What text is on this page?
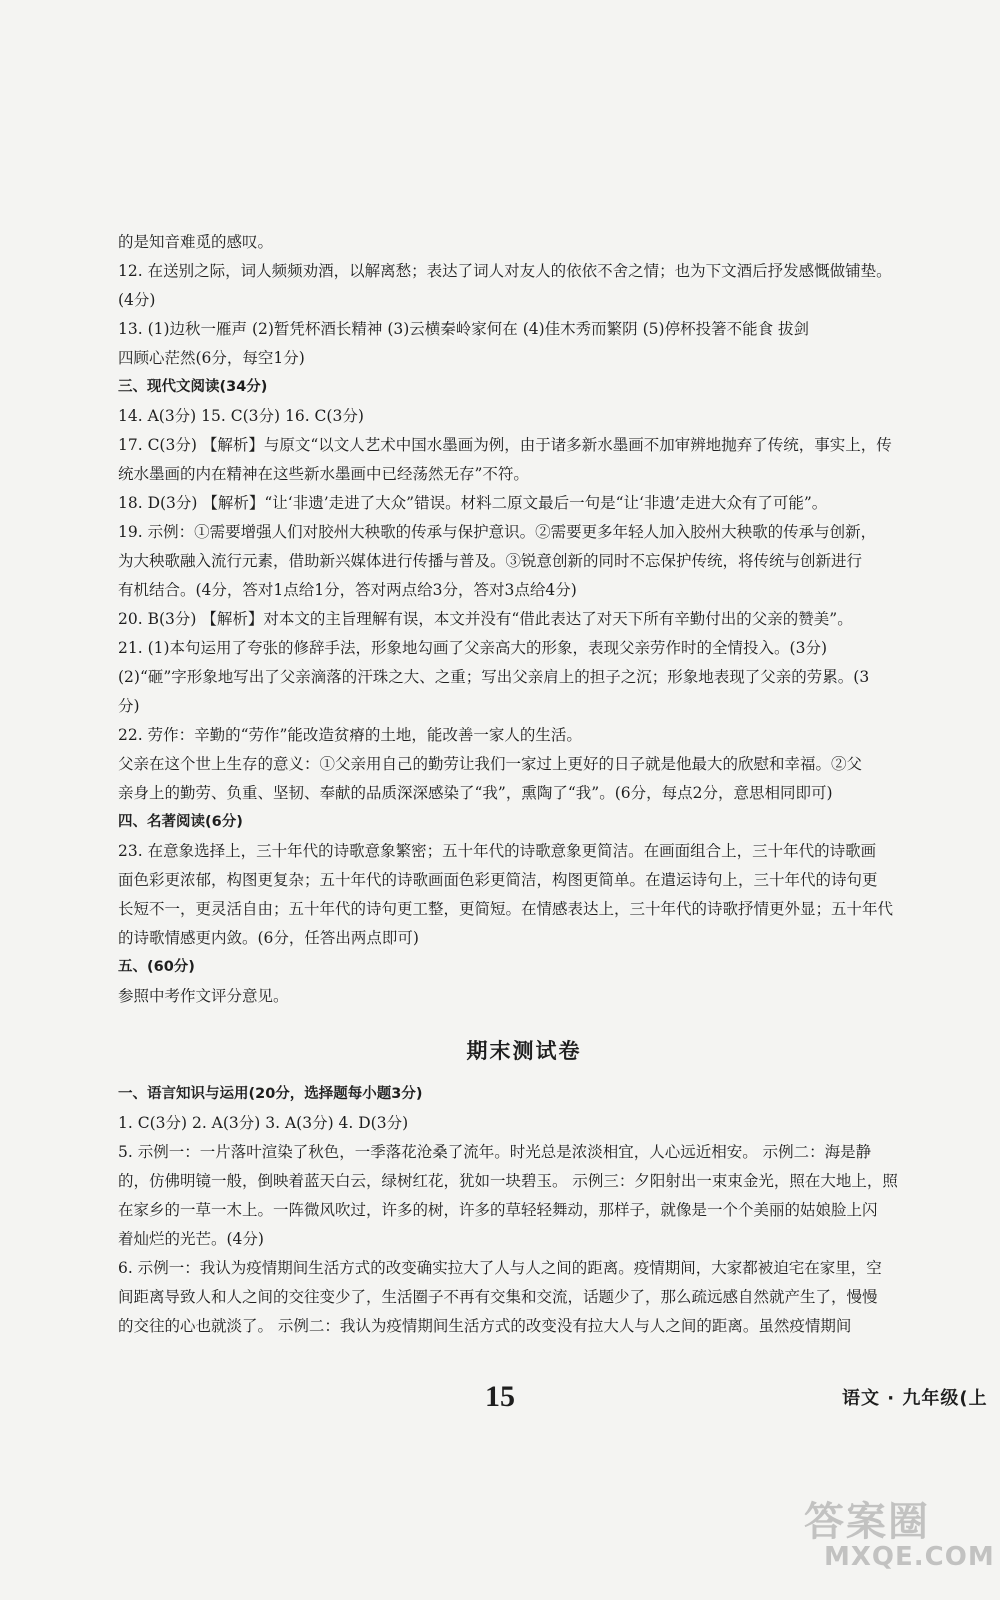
的是知音难觅的感叹。
12. 在送别之际，词人频频劝酒，以解离愁；表达了词人对友人的依依不舍之情；也为下文酒后抒发感慨做铺垫。
(4分)
13. (1)边秋一雁声 (2)暂凭杯酒长精神 (3)云横秦岭家何在 (4)佳木秀而繁阴 (5)停杯投箸不能食 拔剑
四顾心茫然(6分，每空1分)
三、现代文阅读(34分)
14. A(3分) 15. C(3分) 16. C(3分)
17. C(3分) 【解析】与原文“以文人艺术中国水墨画为例，由于诸多新水墨画不加审辨地抛弃了传统，事实上，传
统水墨画的内在精神在这些新水墨画中已经荡然无存”不符。
18. D(3分) 【解析】“让‘非遗’走进了大众”错误。材料二原文最后一句是“让‘非遗’走进大众有了可能”。
19. 示例：①需要增强人们对胶州大秧歌的传承与保护意识。②需要更多年轻人加入胶州大秧歌的传承与创新，
为大秧歌融入流行元素，借助新兴媒体进行传播与普及。③锐意创新的同时不忘保护传统，将传统与创新进行
有机结合。(4分，答对1点给1分，答对两点给3分，答对3点给4分)
20. B(3分) 【解析】对本文的主旨理解有误，本文并没有“借此表达了对天下所有辛勤付出的父亲的赞美”。
21. (1)本句运用了夸张的修辞手法，形象地勾画了父亲高大的形象，表现父亲劳作时的全情投入。(3分)
(2)“砸”字形象地写出了父亲滴落的汗珠之大、之重；写出父亲肩上的担子之沉；形象地表现了父亲的劳累。(3
分)
22. 劳作：辛勤的“劳作”能改造贫瘠的土地，能改善一家人的生活。
父亲在这个世上生存的意义：①父亲用自己的勤劳让我们一家过上更好的日子就是他最大的欣慰和幸福。②父
亲身上的勤劳、负重、坚韧、奉献的品质深深感染了“我”，熏陶了“我”。(6分，每点2分，意思相同即可)
四、名著阅读(6分)
23. 在意象选择上，三十年代的诗歌意象繁密；五十年代的诗歌意象更简洁。在画面组合上，三十年代的诗歌画
面色彩更浓郁，构图更复杂；五十年代的诗歌画面色彩更简洁，构图更简单。在遣运诗句上，三十年代的诗句更
长短不一，更灵活自由；五十年代的诗句更工整，更简短。在情感表达上，三十年代的诗歌抒情更外显；五十年代
的诗歌情感更内敛。(6分，任答出两点即可)
五、(60分)
参照中考作文评分意见。
期末测试卷
一、语言知识与运用(20分，选择题每小题3分)
1. C(3分) 2. A(3分) 3. A(3分) 4. D(3分)
5. 示例一：一片落叶渲染了秋色，一季落花沧桑了流年。时光总是浓淡相宜，人心远近相安。 示例二：海是静
的，仿佛明镜一般，倒映着蓝天白云，绿树红花，犹如一块碧玉。 示例三：夕阳射出一束束金光，照在大地上，照
在家乡的一草一木上。一阵微风吹过，许多的树，许多的草轻轻舞动，那样子，就像是一个个美丽的姑娘脸上闪
着灿烂的光芒。(4分)
6. 示例一：我认为疫情期间生活方式的改变确实拉大了人与人之间的距离。疫情期间，大家都被迫宅在家里，空
间距离导致人和人之间的交往变少了，生活圈子不再有交集和交流，话题少了，那么疏远感自然就产生了，慢慢
的交往的心也就淡了。 示例二：我认为疫情期间生活方式的改变没有拉大人与人之间的距离。虽然疫情期间
15	语文 · 九年级(上
答案圈
MXQE.COM
